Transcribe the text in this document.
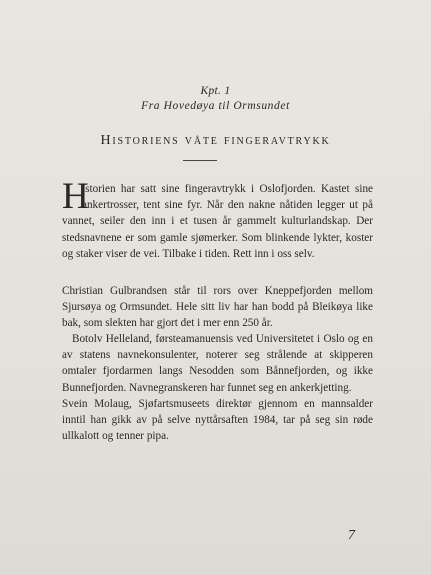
Kpt. 1
Fra Hovedøya til Ormsundet
Historiens våte fingeravtrykk
H
istorien har satt sine fingeravtrykk i Oslofjorden. Kastet sine
ankertrosser, tent sine fyr. Når den nakne nåtiden legger ut på
vannet, seiler den inn i et tusen år gammelt kulturlandskap. Der
stedsnavnene er som gamle sjømerker. Som blinkende lykter, koster
og staker viser de vei. Tilbake i tiden. Rett inn i oss selv.
Christian Gulbrandsen står til rors over Kneppefjorden mellom
Sjursøya og Ormsundet. Hele sitt liv har han bodd på Bleikøya like
bak, som slekten har gjort det i mer enn 250 år.
Botolv Helleland, førsteamanuensis ved Universitetet i Oslo og en
av statens navnekonsulenter, noterer seg strålende at skipperen
omtaler fjordarmen langs Nesodden som Bånnefjorden, og ikke
Bunnefjorden. Navnegranskeren har funnet seg en ankerkjetting.
Svein Molaug, Sjøfartsmuseets direktør gjennom en mannsalder
inntil han gikk av på selve nyttårsaften 1984, tar på seg sin røde
ullkalott og tenner pipa.
7
